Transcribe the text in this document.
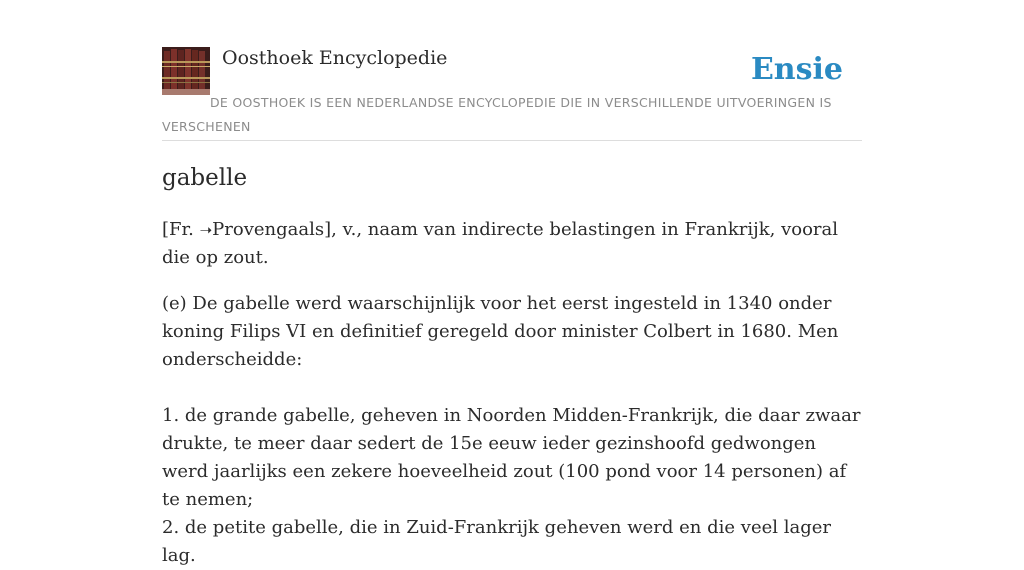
Oosthoek Encyclopedie	Ensie
DE OOSTHOEK IS EEN NEDERLANDSE ENCYCLOPEDIE DIE IN VERSCHILLENDE UITVOERINGEN IS VERSCHENEN
gabelle

[Fr. ➝Provengaals], v., naam van indirecte belastingen in Frankrijk, vooral die op zout.

(e) De gabelle werd waarschijnlijk voor het eerst ingesteld in 1340 onder koning Filips VI en definitief geregeld door minister Colbert in 1680. Men onderscheidde:
1. de grande gabelle, geheven in Noorden Midden-Frankrijk, die daar zwaar drukte, te meer daar sedert de 15e eeuw ieder gezinshoofd gedwongen werd jaarlijks een zekere hoeveelheid zout (100 pond voor 14 personen) af te nemen;
2. de petite gabelle, die in Zuid-Frankrijk geheven werd en die veel lager lag.
